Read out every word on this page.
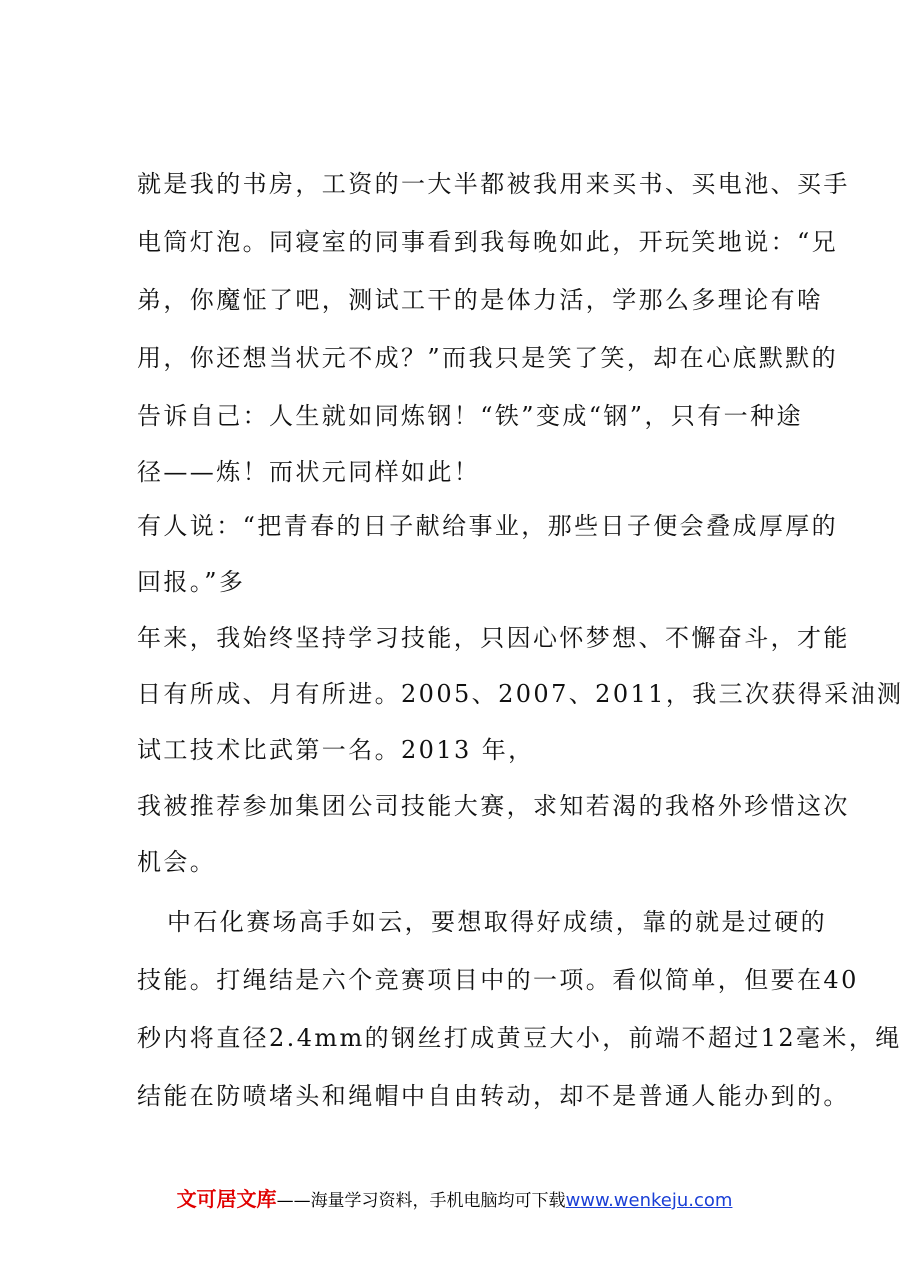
就是我的书房，工资的一大半都被我用来买书、买电池、买手
电筒灯泡。同寝室的同事看到我每晚如此，开玩笑地说：“兄
弟，你魔怔了吧，测试工干的是体力活，学那么多理论有啥
用，你还想当状元不成？”而我只是笑了笑，却在心底默默的
告诉自己：人生就如同炼钢！“铁”变成“钢”，只有一种途
径——炼！而状元同样如此！
有人说：“把青春的日子献给事业，那些日子便会叠成厚厚的
回报。”多
年来，我始终坚持学习技能，只因心怀梦想、不懈奋斗，才能
日有所成、月有所进。2005、2007、2011，我三次获得采油测
试工技术比武第一名。2013 年，
我被推荐参加集团公司技能大赛，求知若渴的我格外珍惜这次
机会。
中石化赛场高手如云，要想取得好成绩，靠的就是过硬的
技能。打绳结是六个竞赛项目中的一项。看似简单，但要在40
秒内将直径2.4mm的钢丝打成黄豆大小，前端不超过12毫米，绳
结能在防喷堵头和绳帽中自由转动，却不是普通人能办到的。
文可居文库——海量学习资料，手机电脑均可下载www.wenkeju.com
